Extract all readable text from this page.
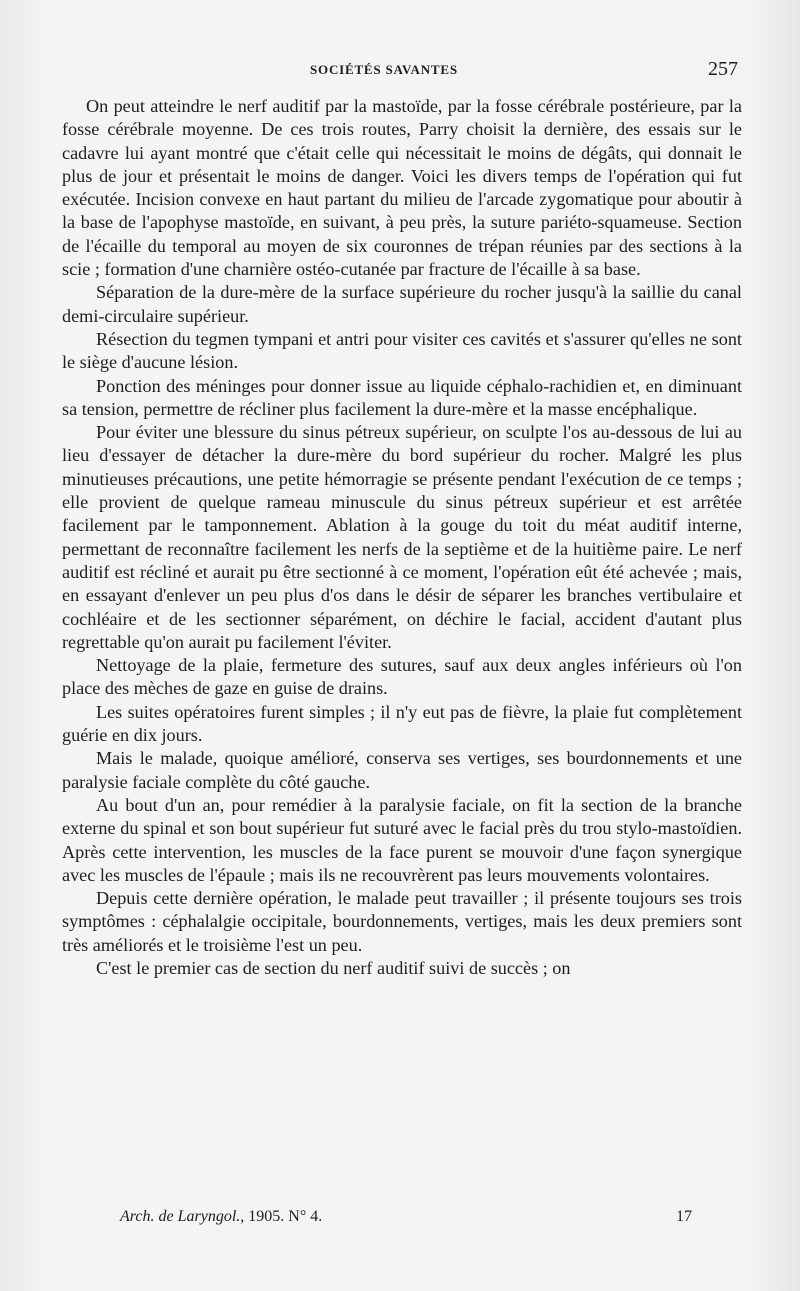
SOCIÉTÉS SAVANTES	257

On peut atteindre le nerf auditif par la mastoïde, par la fosse cérébrale postérieure, par la fosse cérébrale moyenne. De ces trois routes, Parry choisit la dernière, des essais sur le cadavre lui ayant montré que c'était celle qui nécessitait le moins de dégâts, qui donnait le plus de jour et présentait le moins de danger. Voici les divers temps de l'opération qui fut exécutée. Incision convexe en haut partant du milieu de l'arcade zygomatique pour aboutir à la base de l'apophyse mastoïde, en suivant, à peu près, la suture pariéto-squameuse. Section de l'écaille du temporal au moyen de six couronnes de trépan réunies par des sections à la scie ; formation d'une charnière ostéo-cutanée par fracture de l'écaille à sa base.

Séparation de la dure-mère de la surface supérieure du rocher jusqu'à la saillie du canal demi-circulaire supérieur.

Résection du tegmen tympani et antri pour visiter ces cavités et s'assurer qu'elles ne sont le siège d'aucune lésion.

Ponction des méninges pour donner issue au liquide céphalo-rachidien et, en diminuant sa tension, permettre de récliner plus facilement la dure-mère et la masse encéphalique.

Pour éviter une blessure du sinus pétreux supérieur, on sculpte l'os au-dessous de lui au lieu d'essayer de détacher la dure-mère du bord supérieur du rocher. Malgré les plus minutieuses précautions, une petite hémorragie se présente pendant l'exécution de ce temps ; elle provient de quelque rameau minuscule du sinus pétreux supérieur et est arrêtée facilement par le tamponnement. Ablation à la gouge du toit du méat auditif interne, permettant de reconnaître facilement les nerfs de la septième et de la huitième paire. Le nerf auditif est récliné et aurait pu être sectionné à ce moment, l'opération eût été achevée ; mais, en essayant d'enlever un peu plus d'os dans le désir de séparer les branches vertibulaire et cochléaire et de les sectionner séparément, on déchire le facial, accident d'autant plus regrettable qu'on aurait pu facilement l'éviter.

Nettoyage de la plaie, fermeture des sutures, sauf aux deux angles inférieurs où l'on place des mèches de gaze en guise de drains.

Les suites opératoires furent simples ; il n'y eut pas de fièvre, la plaie fut complètement guérie en dix jours.

Mais le malade, quoique amélioré, conserva ses vertiges, ses bourdonnements et une paralysie faciale complète du côté gauche.

Au bout d'un an, pour remédier à la paralysie faciale, on fit la section de la branche externe du spinal et son bout supérieur fut suturé avec le facial près du trou stylo-mastoïdien. Après cette intervention, les muscles de la face purent se mouvoir d'une façon synergique avec les muscles de l'épaule ; mais ils ne recouvrèrent pas leurs mouvements volontaires.

Depuis cette dernière opération, le malade peut travailler ; il présente toujours ses trois symptômes : céphalalgie occipitale, bourdonnements, vertiges, mais les deux premiers sont très améliorés et le troisième l'est un peu.

C'est le premier cas de section du nerf auditif suivi de succès ; on

Arch. de Laryngol., 1905. N° 4.	17
